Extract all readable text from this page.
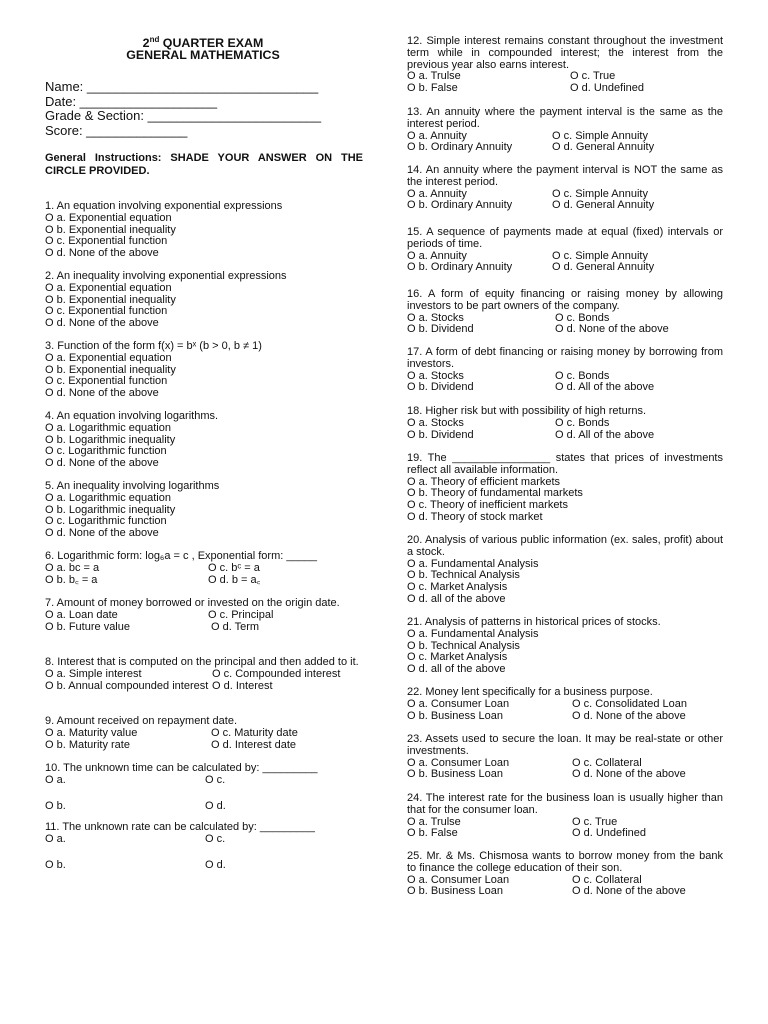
2nd QUARTER EXAM
GENERAL MATHEMATICS
Name: ________________________________
Date: ___________________
Grade & Section: ________________________
Score: ______________
General Instructions: SHADE YOUR ANSWER ON THE CIRCLE PROVIDED.
1. An equation involving exponential expressions
O a. Exponential equation
O b. Exponential inequality
O c. Exponential function
O d. None of the above
2. An inequality involving exponential expressions
O a. Exponential equation
O b. Exponential inequality
O c. Exponential function
O d. None of the above
3. Function of the form f(x) = bˣ (b > 0, b ≠ 1)
O a. Exponential equation
O b. Exponential inequality
O c. Exponential function
O d. None of the above
4. An equation involving logarithms.
O a. Logarithmic equation
O b. Logarithmic inequality
O c. Logarithmic function
O d. None of the above
5. An inequality involving logarithms
O a. Logarithmic equation
O b. Logarithmic inequality
O c. Logarithmic function
O d. None of the above
6. Logarithmic form: log₆a = c , Exponential form: _____
O a. bc = a	O c. bᶜ = a
O b. b꜀ = a	O d. b = a꜀
7. Amount of money borrowed or invested on the origin date.
O a. Loan date	O c. Principal
O b. Future value	O d. Term
8. Interest that is computed on the principal and then added to it.
O a. Simple interest	O c. Compounded interest
O b. Annual compounded interest O d. Interest
9. Amount received on repayment date.
O a. Maturity value	O c. Maturity date
O b. Maturity rate	O d. Interest date
10. The unknown time can be calculated by: _________
O a.	O c.
O b.	O d.
11. The unknown rate can be calculated by: _________
O a.	O c.
O b.	O d.
12. Simple interest remains constant throughout the investment term while in compounded interest; the interest from the previous year also earns interest.
O a. Trulse	O c. True
O b. False	O d. Undefined
13. An annuity where the payment interval is the same as the interest period.
O a. Annuity	O c. Simple Annuity
O b. Ordinary Annuity	O d. General Annuity
14. An annuity where the payment interval is NOT the same as the interest period.
O a. Annuity	O c. Simple Annuity
O b. Ordinary Annuity	O d. General Annuity
15. A sequence of payments made at equal (fixed) intervals or periods of time.
O a. Annuity	O c. Simple Annuity
O b. Ordinary Annuity	O d. General Annuity
16. A form of equity financing or raising money by allowing investors to be part owners of the company.
O a. Stocks	O c. Bonds
O b. Dividend	O d. None of the above
17. A form of debt financing or raising money by borrowing from investors.
O a. Stocks	O c. Bonds
O b. Dividend	O d. All of the above
18. Higher risk but with possibility of high returns.
O a. Stocks	O c. Bonds
O b. Dividend	O d. All of the above
19. The ________________ states that prices of investments reflect all available information.
O a. Theory of efficient markets
O b. Theory of fundamental markets
O c. Theory of inefficient markets
O d. Theory of stock market
20. Analysis of various public information (ex. sales, profit) about a stock.
O a. Fundamental Analysis
O b. Technical Analysis
O c. Market Analysis
O d. all of the above
21. Analysis of patterns in historical prices of stocks.
O a. Fundamental Analysis
O b. Technical Analysis
O c. Market Analysis
O d. all of the above
22. Money lent specifically for a business purpose.
O a. Consumer Loan	O c. Consolidated Loan
O b. Business Loan	O d. None of the above
23. Assets used to secure the loan. It may be real-state or other investments.
O a. Consumer Loan	O c. Collateral
O b. Business Loan	O d. None of the above
24. The interest rate for the business loan is usually higher than that for the consumer loan.
O a. Trulse	O c. True
O b. False	O d. Undefined
25. Mr. & Ms. Chismosa wants to borrow money from the bank to finance the college education of their son.
O a. Consumer Loan	O c. Collateral
O b. Business Loan	O d. None of the above
